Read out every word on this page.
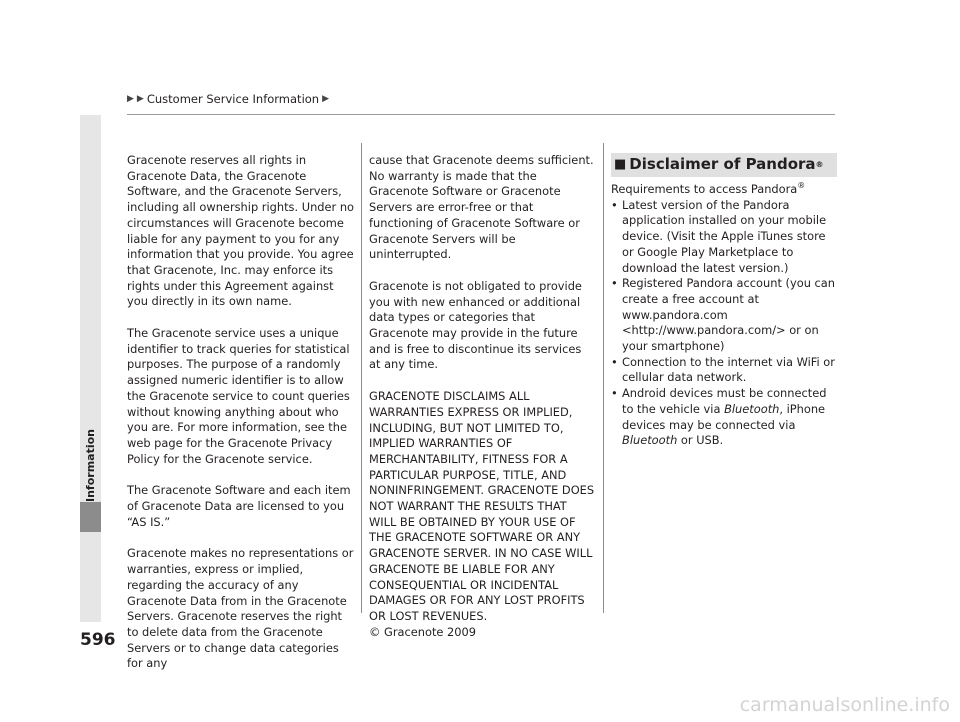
▶ ▶ Customer Service Information ▶
Information
596

Gracenote reserves all rights in Gracenote Data, the Gracenote Software, and the Gracenote Servers, including all ownership rights. Under no circumstances will Gracenote become liable for any payment to you for any information that you provide. You agree that Gracenote, Inc. may enforce its rights under this Agreement against you directly in its own name.

The Gracenote service uses a unique identifier to track queries for statistical purposes. The purpose of a randomly assigned numeric identifier is to allow the Gracenote service to count queries without knowing anything about who you are. For more information, see the web page for the Gracenote Privacy Policy for the Gracenote service.

The Gracenote Software and each item of Gracenote Data are licensed to you “AS IS.”

Gracenote makes no representations or warranties, express or implied, regarding the accuracy of any Gracenote Data from in the Gracenote Servers. Gracenote reserves the right to delete data from the Gracenote Servers or to change data categories for any

cause that Gracenote deems sufficient. No warranty is made that the Gracenote Software or Gracenote Servers are error-free or that functioning of Gracenote Software or Gracenote Servers will be uninterrupted.

Gracenote is not obligated to provide you with new enhanced or additional data types or categories that Gracenote may provide in the future and is free to discontinue its services at any time.

GRACENOTE DISCLAIMS ALL WARRANTIES EXPRESS OR IMPLIED, INCLUDING, BUT NOT LIMITED TO, IMPLIED WARRANTIES OF MERCHANTABILITY, FITNESS FOR A PARTICULAR PURPOSE, TITLE, AND NONINFRINGEMENT. GRACENOTE DOES NOT WARRANT THE RESULTS THAT WILL BE OBTAINED BY YOUR USE OF THE GRACENOTE SOFTWARE OR ANY GRACENOTE SERVER. IN NO CASE WILL GRACENOTE BE LIABLE FOR ANY CONSEQUENTIAL OR INCIDENTAL DAMAGES OR FOR ANY LOST PROFITS OR LOST REVENUES.

© Gracenote 2009

■ Disclaimer of Pandora ®
Requirements to access Pandora®
• Latest version of the Pandora application installed on your mobile device. (Visit the Apple iTunes store or Google Play Marketplace to download the latest version.)
• Registered Pandora account (you can create a free account at www.pandora.com <http://www.pandora.com/> or on your smartphone)
• Connection to the internet via WiFi or cellular data network.
• Android devices must be connected to the vehicle via Bluetooth, iPhone devices may be connected via Bluetooth or USB.
carmanualsonline.info
